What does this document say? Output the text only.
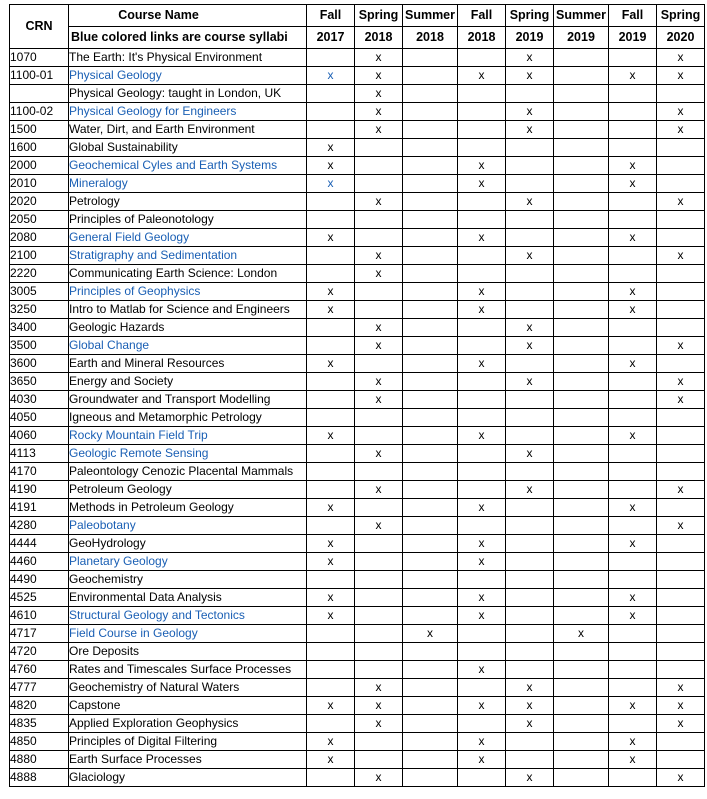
CRN	Course Name	Fall	Spring	Summer	Fall	Spring	Summer	Fall	Spring
	Blue colored links are course syllabi	2017	2018	2018	2018	2019	2019	2019	2020
1070	The Earth: It's Physical Environment		x			x			x
1100-01	Physical Geology	x	x		x	x		x	x
	Physical Geology: taught in London, UK		x						
1100-02	Physical Geology for Engineers		x			x			x
1500	Water, Dirt, and Earth Environment		x			x			x
1600	Global Sustainability	x							
2000	Geochemical Cyles and Earth Systems	x			x			x	
2010	Mineralogy	x			x			x	
2020	Petrology		x			x			x
2050	Principles of Paleonotology								
2080	General Field Geology	x			x			x	
2100	Stratigraphy and Sedimentation		x			x			x
2220	Communicating Earth Science: London		x						
3005	Principles of Geophysics	x			x			x	
3250	Intro to Matlab for Science and Engineers	x			x			x	
3400	Geologic Hazards		x			x			
3500	Global Change		x			x			x
3600	Earth and Mineral Resources	x			x			x	
3650	Energy and Society		x			x			x
4030	Groundwater and Transport Modelling		x						x
4050	Igneous and Metamorphic Petrology								
4060	Rocky Mountain Field Trip	x			x			x	
4113	Geologic Remote Sensing		x			x			
4170	Paleontology Cenozic Placental Mammals								
4190	Petroleum Geology		x			x			x
4191	Methods in Petroleum Geology	x			x			x	
4280	Paleobotany		x						x
4444	GeoHydrology	x			x			x	
4460	Planetary Geology	x			x				
4490	Geochemistry								
4525	Environmental Data Analysis	x			x			x	
4610	Structural Geology and Tectonics	x			x			x	
4717	Field Course in Geology			x			x		
4720	Ore Deposits								
4760	Rates and Timescales Surface Processes				x				
4777	Geochemistry of Natural Waters		x			x			x
4820	Capstone	x	x		x	x		x	x
4835	Applied Exploration Geophysics		x			x			x
4850	Principles of Digital Filtering	x			x			x	
4880	Earth Surface Processes	x			x			x	
4888	Glaciology		x			x			x
